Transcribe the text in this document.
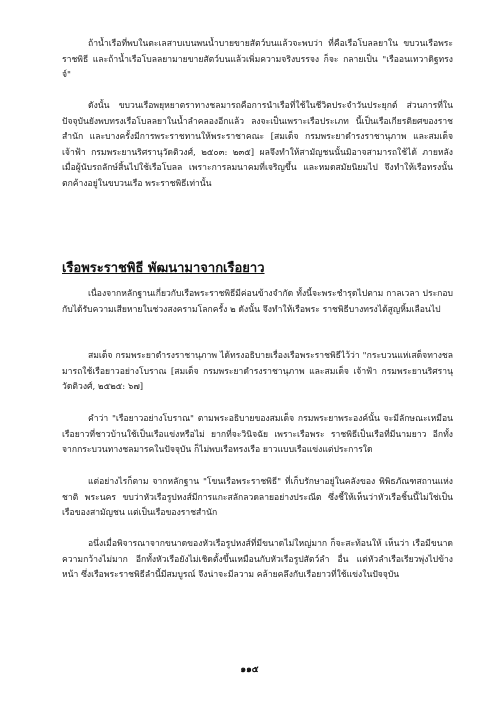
ถ้าน้ำเรือที่พบในตะเลสาบเบนพนน้ำบายขายสัตว์บนแล้วจะพบว่า ที่คือเรือโบลลยาใน ขบวนเรือพระราชพิธี และถ้าน้ำเรือโบลลยามายขายสัตว์บนแล้วเพิ่มความจริงบรรจง ก็จะ กลายเป็น "เรืออนเทวาดิฐทรงจ์"

ดังนั้น ขบวนเรือพยุหยาตราทางชลมารถคือการนำเรือที่ใช้ในชีวิตประจำวันประยุกต์ ส่วนการที่ในปัจจุบันยังพบทรงเรือโบลลยาในน้ำลำคลองอีกแล้ว ลงจะเป็นเพราะเรือประเภท นี้เป็นเรือเกียรติยศของราชสำนัก และบางครั้งมีการพระราชทานให้พระราชาคณะ [สมเด็จ กรมพระยาดำรงราชานุภาพ และสมเด็จ เจ้าฟ้า กรมพระยานริศรานุวัดติวงศ์, ๒๕๐๓: ๒๓๕] ผลจึงทำให้สามัญชนนั้นมิอาจสามารถใช้ได้ ภายหลังเมื่อผู้นับรถลักษ์สิ้นไปใช้เรือโบลล เพราะการลมนาคมที่เจริญขึ้น และหมดสมัยนิยมไป จึงทำให้เรือทรงนั้นตกค้างอยู่ในขบวนเรือ พระราชพิธีเท่านั้น

เรือพระราชพิธี พัฒนามาจากเรือยาว

เนื่องจากหลักฐานเกี่ยวกับเรือพระราชพิธีมีค่อนข้างจำกัด ทั้งนี้จะพระชำรุดไปตาม กาลเวลา ประกอบกับได้รับความเสียหายในช่วงสงครามโลกครั้ง ๒ ดังนั้น จึงทำให้เรือพระ ราชพิธีบางทรงได้สูญหิ้มเลือนไป

สมเด็จ กรมพระยาดำรงราชานุภาพ ได้ทรงอธิบายเรื่องเรือพระราชพิธีไว้ว่า "กระบวนแห่เสด็จทางชลมารถใช้เรือยาวอย่างโบราณ [สมเด็จ กรมพระยาดำรงราชานุภาพ และสมเด็จ เจ้าฟ้า กรมพระยานริศรานุวัดติวงศ์, ๒๕๒๕: ๖๗]

คำว่า "เรือยาวอย่างโบราณ" ตามพระอธิบายของสมเด็จ กรมพระยาพระองค์นั้น จะมีลักษณะเหมือนเรือยาวที่ชาวบ้านใช้เป็นเรือแข่งหรือไม่ ยากที่จะวินิจฉัย เพราะเรือพระ ราชพิธีเป็นเรือที่มีนามยาว อีกทั้งจากกระบวนทางชลมารคในปัจจุบัน ก็ไม่พบเรือทรงเรือ ยาวแบบเรือแข่งแต่ประการใด

แต่อย่างไรก็ตาม จากหลักฐาน "โขนเรือพระราชพิธี" ที่เก็บรักษาอยู่ในคลังของ พิพิธภัณฑสถานแห่งชาติ พระนคร ขบว่าหัวเรือรูปหงส์มีการแกะสลักลวดลายอย่างประณีต ซึ่งชี้ให้เห็นว่าหัวเรือชิ้นนี้ไม่ใช่เป็นเรือของสามัญชน แต่เป็นเรือของราชสำนัก

อนึ่งเมื่อพิจารณาจากขนาดของหัวเรือรูปหงส์ที่มีขนาดไม่ใหญ่มาก ก็จะสะท้อนให้ เห็นว่า เรือมีขนาดความกว้างไม่มาก อีกทั้งหัวเรือยังไม่เชิดตั้งขึ้นเหมือนกับหัวเรือรูปสัตว์ลำ อื่น แต่หัวลำเรือเรียวพุ่งไปข้างหน้า ซึ่งเรือพระราชพิธีลำนี้มีสมบูรณ์ จึงน่าจะมีลวาม คล้ายคลึงกับเรือยาวที่ใช้แข่งในปัจจุบัน

๑๑๕
